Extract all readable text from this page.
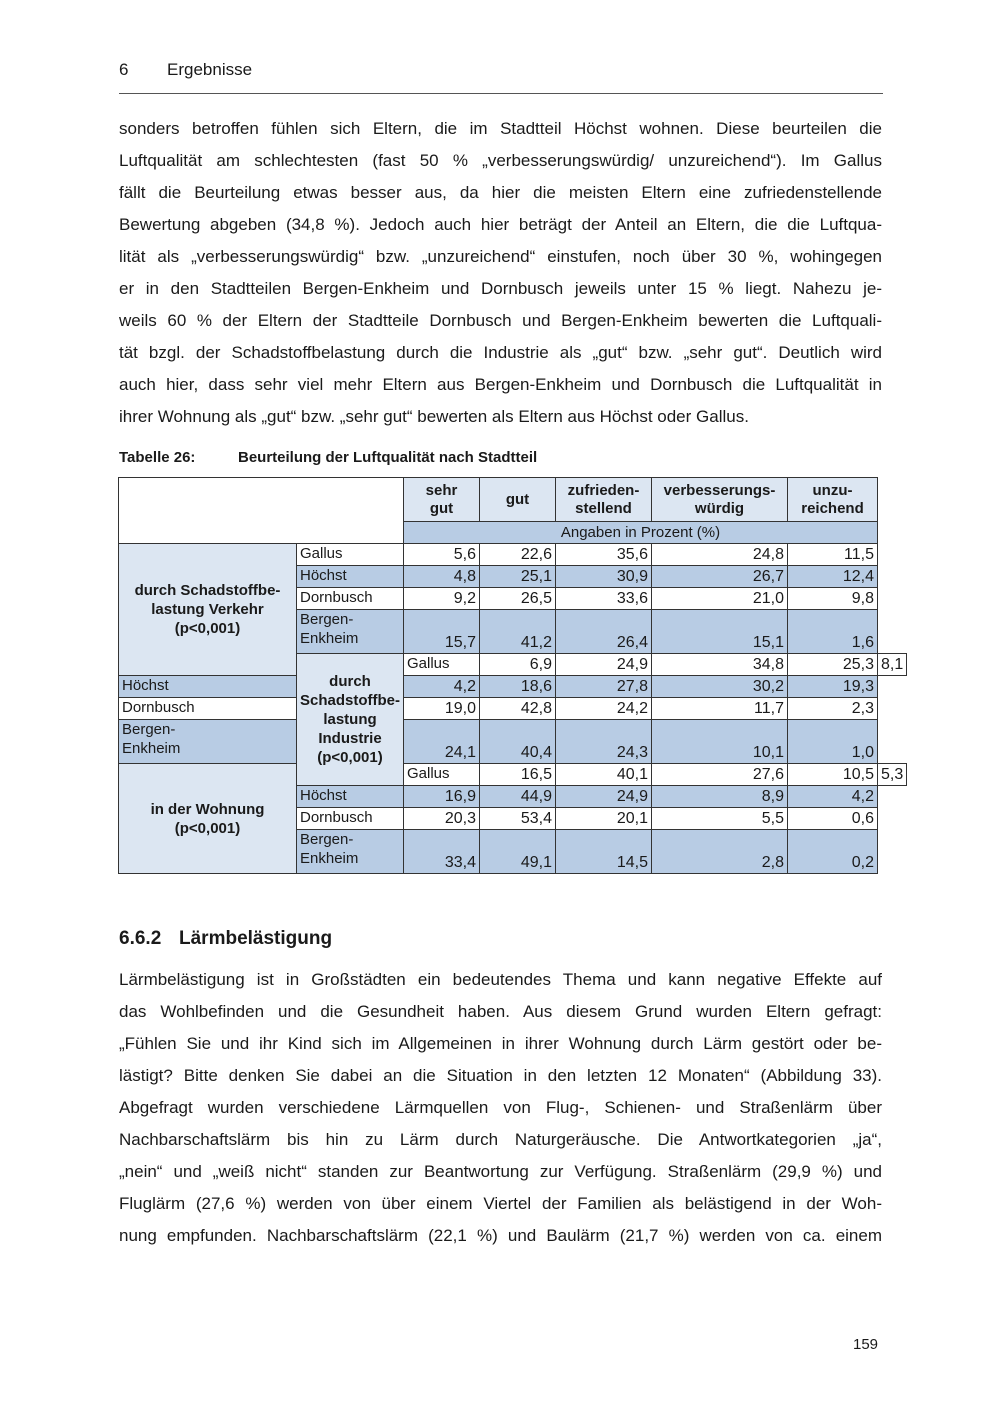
6 Ergebnisse
sonders betroffen fühlen sich Eltern, die im Stadtteil Höchst wohnen. Diese beurteilen die
Luftqualität am schlechtesten (fast 50 % „verbesserungswürdig/ unzureichend“). Im Gallus
fällt die Beurteilung etwas besser aus, da hier die meisten Eltern eine zufriedenstellende
Bewertung abgeben (34,8 %). Jedoch auch hier beträgt der Anteil an Eltern, die die Luftqua-
lität als „verbesserungswürdig“ bzw. „unzureichend“ einstufen, noch über 30 %, wohingegen
er in den Stadtteilen Bergen-Enkheim und Dornbusch jeweils unter 15 % liegt. Nahezu je-
weils 60 % der Eltern der Stadtteile Dornbusch und Bergen-Enkheim bewerten die Luftquali-
tät bzgl. der Schadstoffbelastung durch die Industrie als „gut“ bzw. „sehr gut“. Deutlich wird
auch hier, dass sehr viel mehr Eltern aus Bergen-Enkheim und Dornbusch die Luftqualität in
ihrer Wohnung als „gut“ bzw. „sehr gut“ bewerten als Eltern aus Höchst oder Gallus.
Tabelle 26:	Beurteilung der Luftqualität nach Stadtteil
		sehr
gut	gut	zufrieden-
stellend	verbesserungs-
würdig	unzu-
reichend	
		Angaben in Prozent (%)					
durch Schadstoffbe-
lastung Verkehr
(p<0,001)	Gallus	5,6	22,6	35,6	24,8	11,5	
	Höchst	4,8	25,1	30,9	26,7	12,4	
	Dornbusch	9,2	26,5	33,6	21,0	9,8	
	Bergen-
Enkheim	15,7	41,2	26,4	15,1	1,6	
	durch Schadstoffbe-
lastung Industrie
(p<0,001)	Gallus	6,9	24,9	34,8	25,3	8,1
Höchst		4,2	18,6	27,8	30,2	19,3	
Dornbusch		19,0	42,8	24,2	11,7	2,3	
Bergen-
Enkheim		24,1	40,4	24,3	10,1	1,0	
in der Wohnung
(p<0,001)		Gallus	16,5	40,1	27,6	10,5	5,3
	Höchst	16,9	44,9	24,9	8,9	4,2	
	Dornbusch	20,3	53,4	20,1	5,5	0,6	
	Bergen-
Enkheim	33,4	49,1	14,5	2,8	0,2	
6.6.2 Lärmbelästigung
Lärmbelästigung ist in Großstädten ein bedeutendes Thema und kann negative Effekte auf
das Wohlbefinden und die Gesundheit haben. Aus diesem Grund wurden Eltern gefragt:
„Fühlen Sie und ihr Kind sich im Allgemeinen in ihrer Wohnung durch Lärm gestört oder be-
lästigt? Bitte denken Sie dabei an die Situation in den letzten 12 Monaten“ (Abbildung 33).
Abgefragt wurden verschiedene Lärmquellen von Flug-, Schienen- und Straßenlärm über
Nachbarschaftslärm bis hin zu Lärm durch Naturgeräusche. Die Antwortkategorien „ja“,
„nein“ und „weiß nicht“ standen zur Beantwortung zur Verfügung. Straßenlärm (29,9 %) und
Fluglärm (27,6 %) werden von über einem Viertel der Familien als belästigend in der Woh-
nung empfunden. Nachbarschaftslärm (22,1 %) und Baulärm (21,7 %) werden von ca. einem
159
